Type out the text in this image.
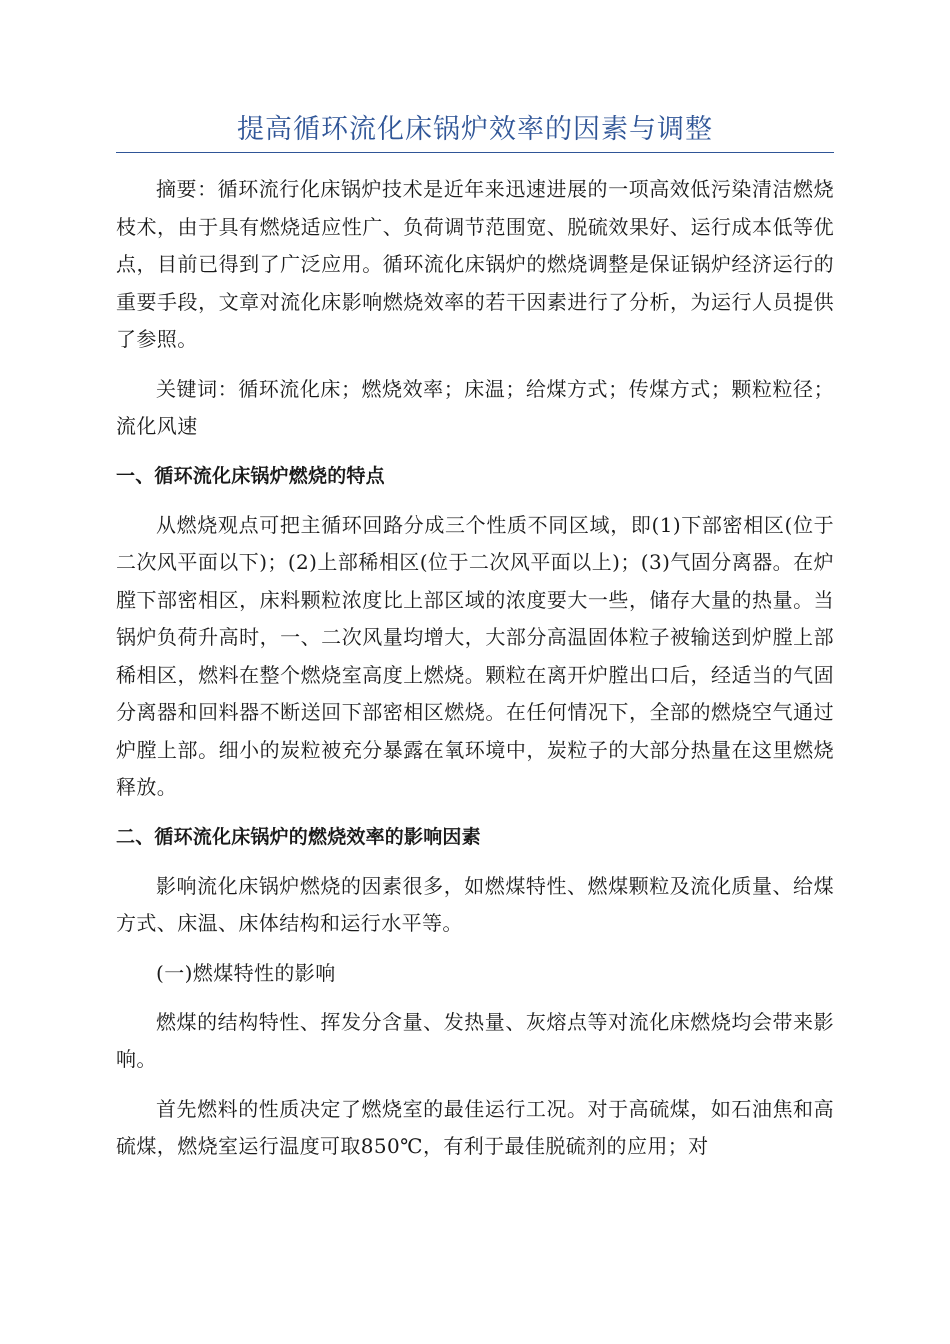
提高循环流化床锅炉效率的因素与调整

摘要：循环流行化床锅炉技术是近年来迅速进展的一项高效低污染清洁燃烧枝术，由于具有燃烧适应性广、负荷调节范围宽、脱硫效果好、运行成本低等优点，目前已得到了广泛应用。循环流化床锅炉的燃烧调整是保证锅炉经济运行的重要手段，文章对流化床影响燃烧效率的若干因素进行了分析，为运行人员提供了参照。

关键词：循环流化床；燃烧效率；床温；给煤方式；传煤方式；颗粒粒径；流化风速

一、循环流化床锅炉燃烧的特点

从燃烧观点可把主循环回路分成三个性质不同区域，即(1)下部密相区(位于二次风平面以下)；(2)上部稀相区(位于二次风平面以上)；(3)气固分离器。在炉膛下部密相区，床料颗粒浓度比上部区域的浓度要大一些，储存大量的热量。当锅炉负荷升高时，一、二次风量均增大，大部分高温固体粒子被输送到炉膛上部稀相区，燃料在整个燃烧室高度上燃烧。颗粒在离开炉膛出口后，经适当的气固分离器和回料器不断送回下部密相区燃烧。在任何情况下，全部的燃烧空气通过炉膛上部。细小的炭粒被充分暴露在氧环境中，炭粒子的大部分热量在这里燃烧释放。

二、循环流化床锅炉的燃烧效率的影响因素

影响流化床锅炉燃烧的因素很多，如燃煤特性、燃煤颗粒及流化质量、给煤方式、床温、床体结构和运行水平等。

(一)燃煤特性的影响

燃煤的结构特性、挥发分含量、发热量、灰熔点等对流化床燃烧均会带来影响。

首先燃料的性质决定了燃烧室的最佳运行工况。对于高硫煤，如石油焦和高硫煤，燃烧室运行温度可取850℃，有利于最佳脱硫剂的应用；对
